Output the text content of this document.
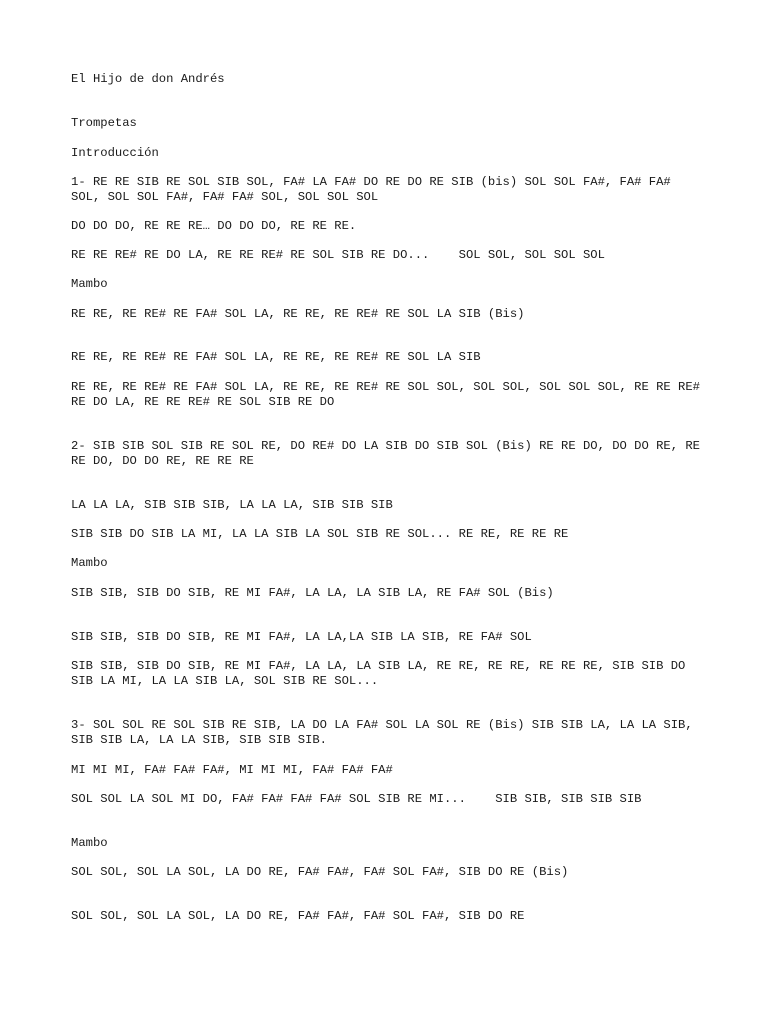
El Hijo de don Andrés

Trompetas

Introducción

1- RE RE SIB RE SOL SIB SOL, FA# LA FA# DO RE DO RE SIB (bis) SOL SOL FA#, FA# FA# SOL, SOL SOL FA#, FA# FA# SOL, SOL SOL SOL

DO DO DO, RE RE RE… DO DO DO, RE RE RE.

RE RE RE# RE DO LA, RE RE RE# RE SOL SIB RE DO...    SOL SOL, SOL SOL SOL

Mambo

RE RE, RE RE# RE FA# SOL LA, RE RE, RE RE# RE SOL LA SIB (Bis)

RE RE, RE RE# RE FA# SOL LA, RE RE, RE RE# RE SOL LA SIB

RE RE, RE RE# RE FA# SOL LA, RE RE, RE RE# RE SOL SOL, SOL SOL, SOL SOL SOL, RE RE RE# RE DO LA, RE RE RE# RE SOL SIB RE DO

2- SIB SIB SOL SIB RE SOL RE, DO RE# DO LA SIB DO SIB SOL (Bis) RE RE DO, DO DO RE, RE RE DO, DO DO RE, RE RE RE

LA LA LA, SIB SIB SIB, LA LA LA, SIB SIB SIB

SIB SIB DO SIB LA MI, LA LA SIB LA SOL SIB RE SOL... RE RE, RE RE RE

Mambo

SIB SIB, SIB DO SIB, RE MI FA#, LA LA, LA SIB LA, RE FA# SOL (Bis)

SIB SIB, SIB DO SIB, RE MI FA#, LA LA,LA SIB LA SIB, RE FA# SOL

SIB SIB, SIB DO SIB, RE MI FA#, LA LA, LA SIB LA, RE RE, RE RE, RE RE RE, SIB SIB DO SIB LA MI, LA LA SIB LA, SOL SIB RE SOL...

3- SOL SOL RE SOL SIB RE SIB, LA DO LA FA# SOL LA SOL RE (Bis) SIB SIB LA, LA LA SIB, SIB SIB LA, LA LA SIB, SIB SIB SIB.

MI MI MI, FA# FA# FA#, MI MI MI, FA# FA# FA#

SOL SOL LA SOL MI DO, FA# FA# FA# FA# SOL SIB RE MI...    SIB SIB, SIB SIB SIB

Mambo

SOL SOL, SOL LA SOL, LA DO RE, FA# FA#, FA# SOL FA#, SIB DO RE (Bis)

SOL SOL, SOL LA SOL, LA DO RE, FA# FA#, FA# SOL FA#, SIB DO RE
